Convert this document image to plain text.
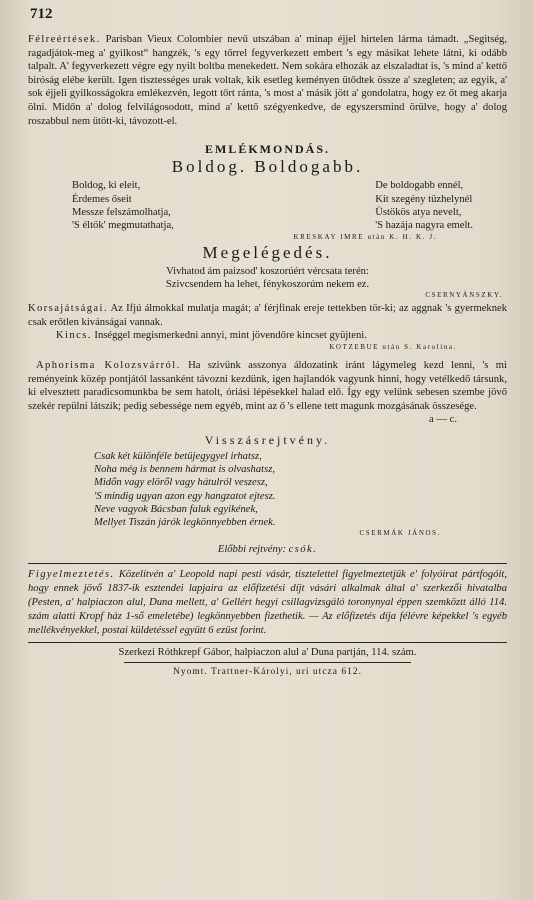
712

Félreértések. Parisban Vieux Colombier nevű utszában a' minap éjjel hirtelen lárma támadt. „Segitség, ragadjátok-meg a' gyilkost“ hangzék, 's egy tőrrel fegyverkezett embert 's egy másikat lehete látni, ki odább talpalt. A' fegyverkezett végre egy nyilt boltba menekedett. Nem sokára elhozák az elszaladtat is, 's mind a' kettő biróság elébe került. Igen tisztességes urak voltak, kik esetleg keményen ütődtek össze a' szegleten; az egyik, a' sok éjjeli gyilkosságokra emlékezvén, legott tőrt ránta, 's most a' másik jött a' gondolatra, hogy ez őt meg akarja ölni. Midőn a' dolog felvilágosodott, mind a' kettő szégyenkedve, de egyszersmind örülve, hogy a' dolog roszabbul nem ütött-ki, távozott-el.

EMLÉKMONDÁS.
Boldog. Boldogabb.
Boldog, ki eleit,
Érdemes őseit
Messze felszámolhatja,
'S éltök' megmutathatja,
De boldogabb ennél,
Kit szegény tüzhelynél
Üstökös atya nevelt,
'S hazája nagyra emelt.
KRESKAY IMRE után K. H. K. J.
Megelégedés.
Vivhatod ám paizsod' koszorúért vércsata terén:
Szivcsendem ha lehet, fénykoszorúm nekem ez.
CSERNYÁNSZKY.

Korsajátságai. Az Ifjú álmokkal mulatja magát; a' férjfinak ereje tettekben tör-ki; az aggnak 's gyermeknek csak erőtlen kivánságai vannak.

Kincs. Inséggel megismerkedni annyi, mint jövendőre kincset gyüjteni.

KOTZEBUE után S. Karolina.

Aphorisma Kolozsvárról. Ha szivünk asszonya áldozatink iránt lágymeleg kezd lenni, 's mi reményeink közép pontjától lassanként távozni kezdünk, igen hajlandók vagyunk hinni, hogy vetélkedő társunk, ki elvesztett paradicsomunkba be sem hatolt, óriási lépésekkel halad elő. Így egy velünk sebesen szembe jövő szekér repülni látszik; pedig sebessége nem egyéb, mint az ő 's ellene tett magunk mozgásának összesége.

a — c.
Visszásrejtvény.
Csak két különféle betüjegygyel irhatsz,
Noha még is bennem hármat is olvashatsz,
Midőn vagy elöről vagy hátulról veszesz,
'S mindig ugyan azon egy hangzatot ejtesz.
Neve vagyok Bácsban faluk egyikének,
Mellyet Tiszán járók legkönnyebben érnek.
CSERMÁK JÁNOS.
Előbbi rejtvény: csók.

Figyelmeztetés. Közelitvén a' Leopold napi pesti vásár, tisztelettel figyelmeztetjük e' folyóirat pártfogóit, hogy ennek jövő 1837-ik esztendei lapjaira az előfizetési díjt vásári alkalmak által a' szerkezői hivatalba (Pesten, a' halpiaczon alul, Duna mellett, a' Gellért hegyi csillagvizsgáló toronynyal éppen szemköztt álló 114. szám alatti Kropf ház 1-ső emeletébe) legkönnyebben fizethetik. — Az előfizetés díja félévre képekkel 's egyéb mellékvényekkel, postai küldetéssel együtt 6 ezüst forint.

Szerkezi Róthkrepf Gábor, halpiaczon alul a' Duna partján, 114. szám.
Nyomt. Trattner-Károlyi, uri utcza 612.
